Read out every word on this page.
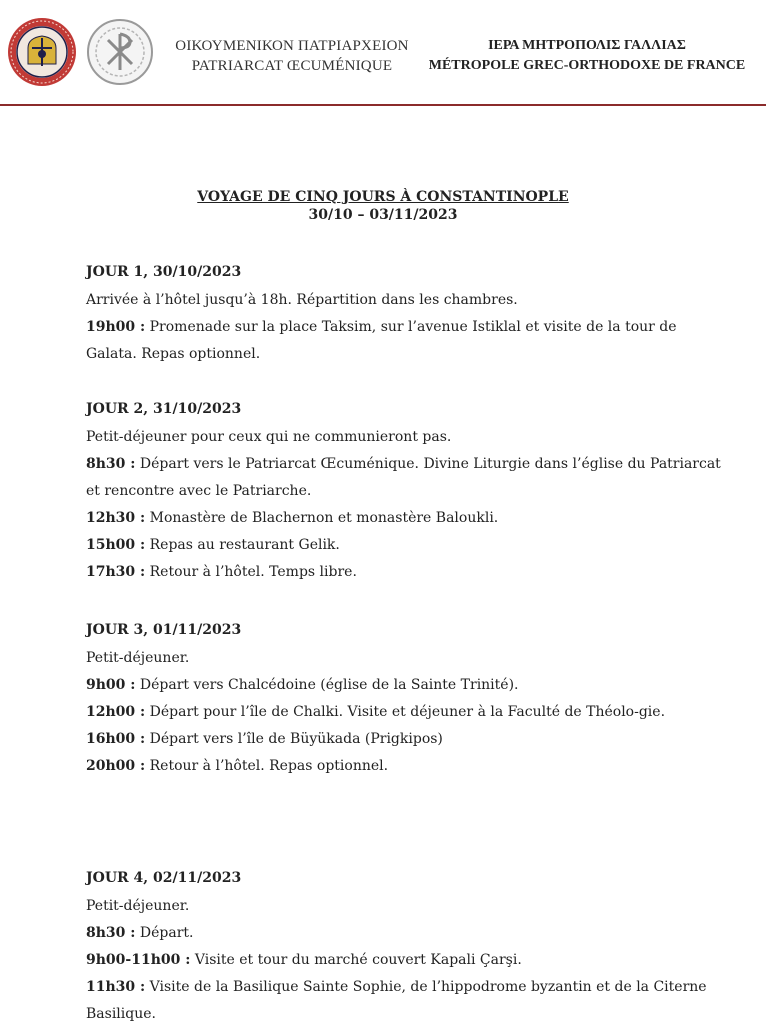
ΟΙΚΟΥΜΕΝΙΚΟΝ ΠΑΤΡΙΑΡΧΕΙΟΝ
PATRIARCAT ŒCUMÉNIQUE
ΙΕΡΑ ΜΗΤΡΟΠΟΛΙΣ ΓΑΛΛΙΑΣ
MÉTROPOLE GREC-ORTHODOXE DE FRANCE
VOYAGE DE CINQ JOURS À CONSTANTINOPLE
30/10 – 03/11/2023
JOUR 1, 30/10/2023
Arrivée à l’hôtel jusqu’à 18h. Répartition dans les chambres.
19h00 : Promenade sur la place Taksim, sur l’avenue Istiklal et visite de la tour de Galata. Repas optionnel.
JOUR 2, 31/10/2023
Petit-déjeuner pour ceux qui ne communieront pas.
8h30 : Départ vers le Patriarcat Œcuménique. Divine Liturgie dans l’église du Patriarcat et rencontre avec le Patriarche.
12h30 : Monastère de Blachernon et monastère Baloukli.
15h00 : Repas au restaurant Gelik.
17h30 : Retour à l’hôtel. Temps libre.
JOUR 3, 01/11/2023
Petit-déjeuner.
9h00 : Départ vers Chalcédoine (église de la Sainte Trinité).
12h00 : Départ pour l’île de Chalki. Visite et déjeuner à la Faculté de Théolo-gie.
16h00 : Départ vers l’île de Büyükada (Prigkipos)
20h00 : Retour à l’hôtel. Repas optionnel.
JOUR 4, 02/11/2023
Petit-déjeuner.
8h30 : Départ.
9h00-11h00 : Visite et tour du marché couvert Kapali Çarşi.
11h30 : Visite de la Basilique Sainte Sophie, de l’hippodrome byzantin et de la Citerne Basilique.
